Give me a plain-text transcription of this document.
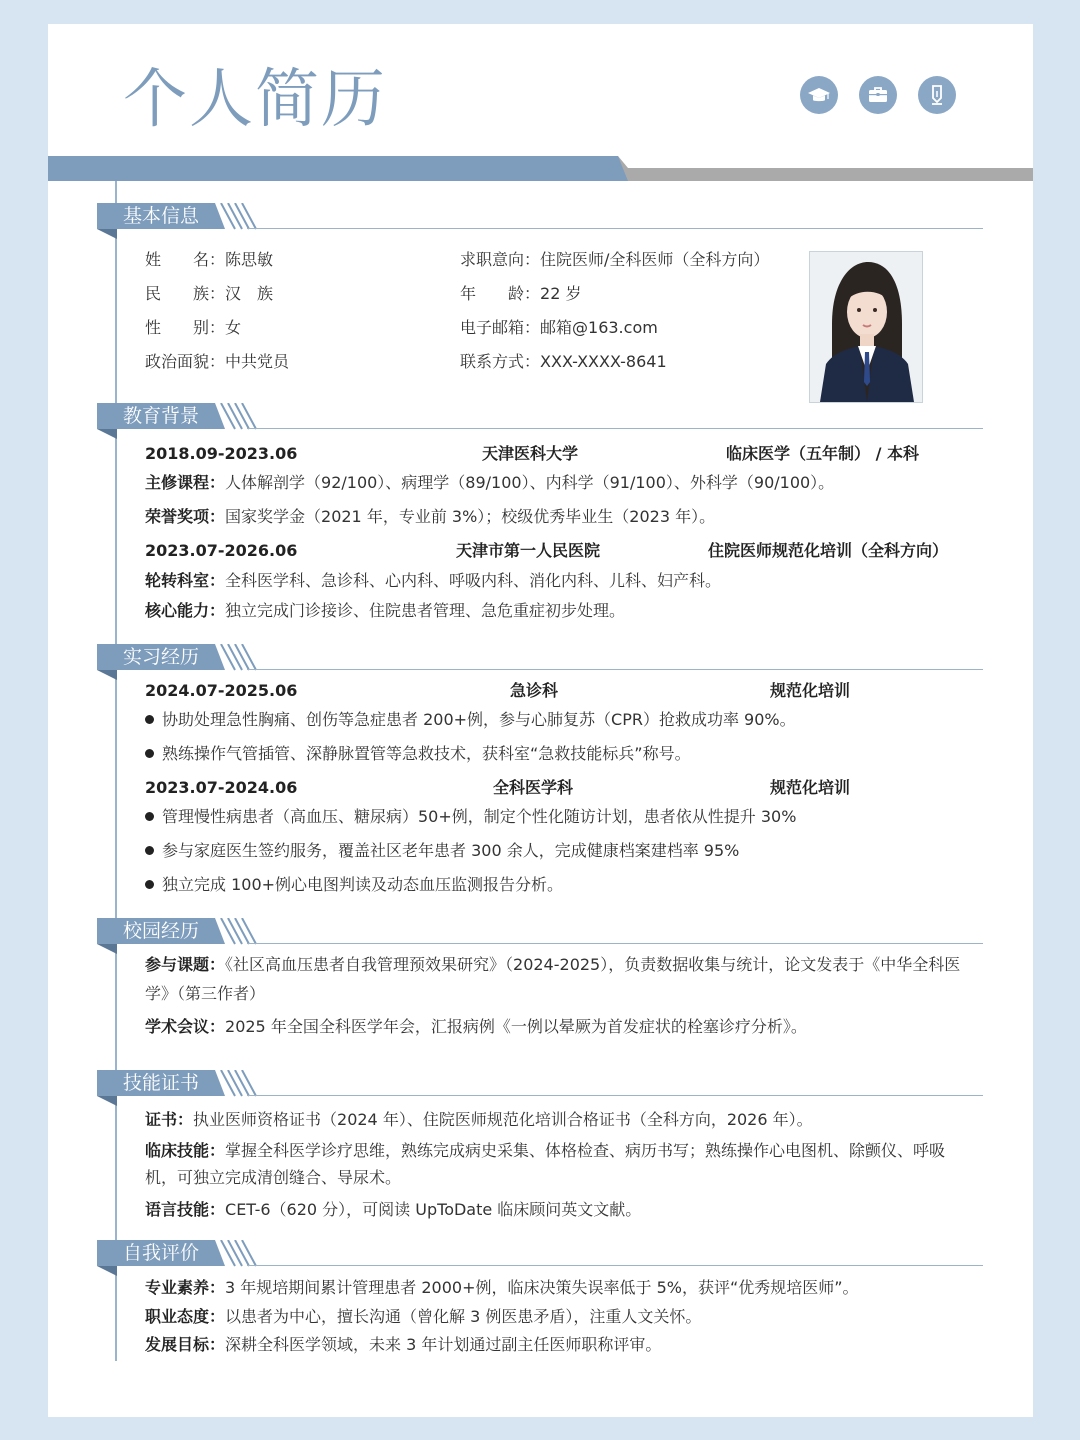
个人简历
基本信息
姓　　名：陈思敏
民　　族：汉　族
性　　别：女
政治面貌：中共党员
求职意向：住院医师/全科医师（全科方向）
年　　龄：22 岁
电子邮箱：邮箱@163.com
联系方式：XXX-XXXX-8641
教育背景
2018.09-2023.06	天津医科大学	临床医学（五年制） / 本科
主修课程：人体解剖学（92/100）、病理学（89/100）、内科学（91/100）、外科学（90/100）。
荣誉奖项：国家奖学金（2021 年，专业前 3%）；校级优秀毕业生（2023 年）。
2023.07-2026.06	天津市第一人民医院	住院医师规范化培训（全科方向）
轮转科室：全科医学科、急诊科、心内科、呼吸内科、消化内科、儿科、妇产科。
核心能力：独立完成门诊接诊、住院患者管理、急危重症初步处理。
实习经历
2024.07-2025.06	急诊科	规范化培训
协助处理急性胸痛、创伤等急症患者 200+例，参与心肺复苏（CPR）抢救成功率 90%。
熟练操作气管插管、深静脉置管等急救技术，获科室“急救技能标兵”称号。
2023.07-2024.06	全科医学科	规范化培训
管理慢性病患者（高血压、糖尿病）50+例，制定个性化随访计划，患者依从性提升 30%
参与家庭医生签约服务，覆盖社区老年患者 300 余人，完成健康档案建档率 95%
独立完成 100+例心电图判读及动态血压监测报告分析。
校园经历
参与课题：《社区高血压患者自我管理预效果研究》（2024-2025），负责数据收集与统计，论文发表于《中华全科医学》（第三作者）
学术会议：2025 年全国全科医学年会，汇报病例《一例以晕厥为首发症状的栓塞诊疗分析》。
技能证书
证书：执业医师资格证书（2024 年）、住院医师规范化培训合格证书（全科方向，2026 年）。
临床技能：掌握全科医学诊疗思维，熟练完成病史采集、体格检查、病历书写；熟练操作心电图机、除颤仪、呼吸机，可独立完成清创缝合、导尿术。
语言技能：CET-6（620 分），可阅读 UpToDate 临床顾问英文文献。
自我评价
专业素养：3 年规培期间累计管理患者 2000+例，临床决策失误率低于 5%，获评“优秀规培医师”。
职业态度：以患者为中心，擅长沟通（曾化解 3 例医患矛盾），注重人文关怀。
发展目标：深耕全科医学领域，未来 3 年计划通过副主任医师职称评审。
